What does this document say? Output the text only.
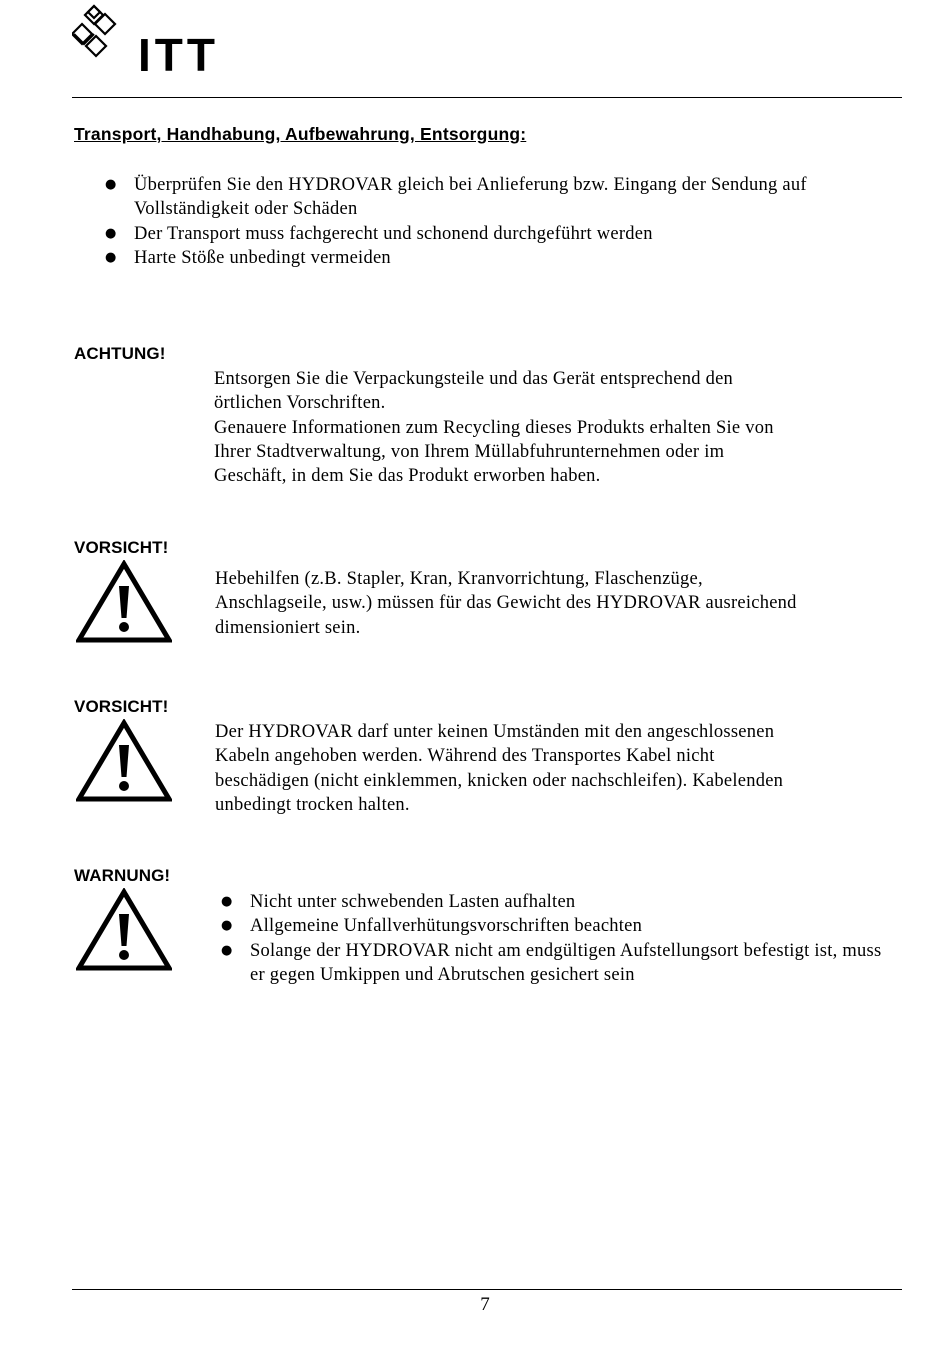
ITT
Transport, Handhabung, Aufbewahrung, Entsorgung:
● Überprüfen Sie den HYDROVAR gleich bei Anlieferung bzw. Eingang der Sendung auf Vollständigkeit oder Schäden
● Der Transport muss fachgerecht und schonend durchgeführt werden
● Harte Stöße unbedingt vermeiden
ACHTUNG!
Entsorgen Sie die Verpackungsteile und das Gerät entsprechend den
örtlichen Vorschriften.
Genauere Informationen zum Recycling dieses Produkts erhalten Sie von
Ihrer Stadtverwaltung, von Ihrem Müllabfuhrunternehmen oder im
Geschäft, in dem Sie das Produkt erworben haben.
VORSICHT!
Hebehilfen (z.B. Stapler, Kran, Kranvorrichtung, Flaschenzüge,
Anschlagseile, usw.) müssen für das Gewicht des HYDROVAR ausreichend
dimensioniert sein.
VORSICHT!
Der HYDROVAR darf unter keinen Umständen mit den angeschlossenen
Kabeln angehoben werden. Während des Transportes Kabel nicht
beschädigen (nicht einklemmen, knicken oder nachschleifen). Kabelenden
unbedingt trocken halten.
WARNUNG!
● Nicht unter schwebenden Lasten aufhalten
● Allgemeine Unfallverhütungsvorschriften beachten
● Solange der HYDROVAR nicht am endgültigen Aufstellungsort befestigt ist, muss er gegen Umkippen und Abrutschen gesichert sein
7
